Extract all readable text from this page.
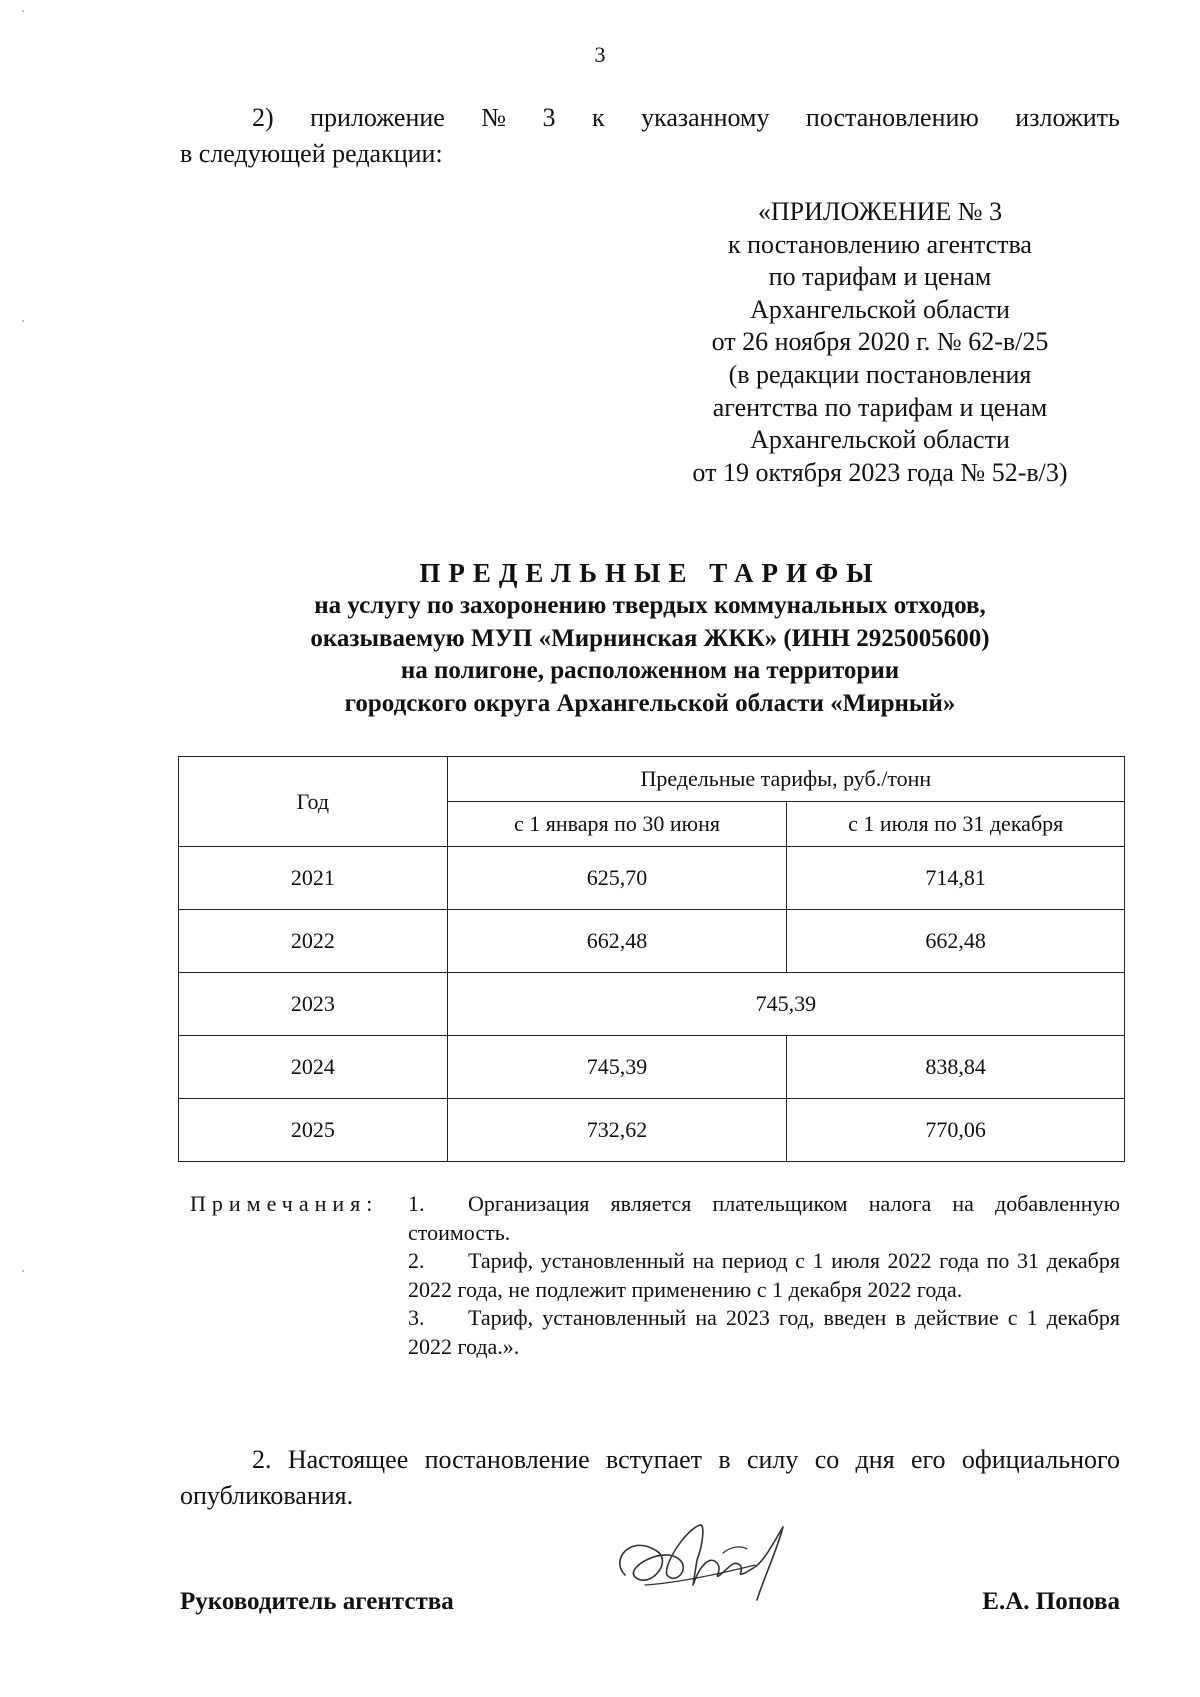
3
2) приложение № 3 к указанному постановлению изложить
в следующей редакции:
«ПРИЛОЖЕНИЕ № 3
к постановлению агентства
по тарифам и ценам
Архангельской области
от 26 ноября 2020 г. № 62-в/25
(в редакции постановления
агентства по тарифам и ценам
Архангельской области
от 19 октября 2023 года № 52-в/3)
ПРЕДЕЛЬНЫЕ ТАРИФЫ
на услугу по захоронению твердых коммунальных отходов,
оказываемую МУП «Мирнинская ЖКК» (ИНН 2925005600)
на полигоне, расположенном на территории
городского округа Архангельской области «Мирный»
Год	Предельные тарифы, руб./тонн	
	с 1 января по 30 июня	с 1 июля по 31 декабря
2021	625,70	714,81
2022	662,48	662,48
2023	745,39	
2024	745,39	838,84
2025	732,62	770,06
Примечания: 1. Организация является плательщиком налога на добавленную стоимость.
2. Тариф, установленный на период с 1 июля 2022 года по 31 декабря 2022 года, не подлежит применению с 1 декабря 2022 года.
3. Тариф, установленный на 2023 год, введен в действие с 1 декабря 2022 года.».
2. Настоящее постановление вступает в силу со дня его официального опубликования.
Руководитель агентства	Е.А. Попова
